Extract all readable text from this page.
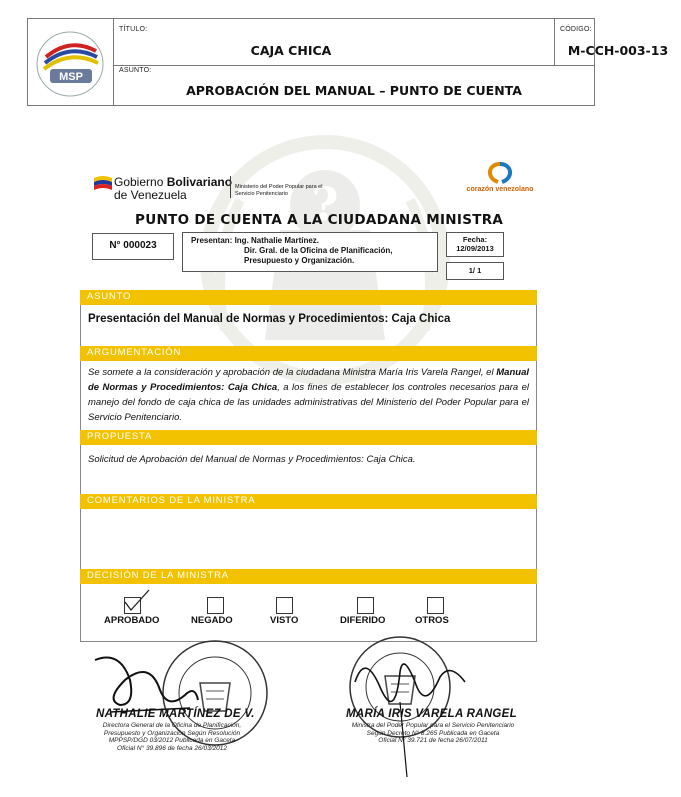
MSP
TÍTULO:
CAJA CHICA
CÓDIGO:
M-CCH-003-13
ASUNTO:
APROBACIÓN DEL MANUAL – PUNTO DE CUENTA
?
Gobierno Bolivariano
de Venezuela
Ministerio del Poder Popular para el Servicio Penitenciario
corazón venezolano
PUNTO DE CUENTA A LA CIUDADANA MINISTRA
N° 000023	Presentan: Ing. Nathalie Martínez.
Dir. Gral. de la Oficina de Planificación,
Presupuesto y Organización.
Fecha:
12/09/2013
1/ 1
ASUNTO
Presentación del Manual de Normas y Procedimientos: Caja Chica
ARGUMENTACIÓN
Se somete a la consideración y aprobación de la ciudadana Ministra María Iris Varela Rangel, el Manual de Normas y Procedimientos: Caja Chica, a los fines de establecer los controles necesarios para el manejo del fondo de caja chica de las unidades administrativas del Ministerio del Poder Popular para el Servicio Penitenciario.
PROPUESTA
Solicitud de Aprobación del Manual de Normas y Procedimientos: Caja Chica.
COMENTARIOS DE LA MINISTRA
DECISIÓN DE LA MINISTRA
APROBADO	NEGADO	VISTO	DIFERIDO	OTROS
NATHALIE MARTÍNEZ DE V.
Directora General de la Oficina de Planificación,
Presupuesto y Organización Según Resolución
MPPSP/DGD 03/2012 Publicada en Gaceta
Oficial N° 39.896 de fecha 26/03/2012
MARÍA IRIS VARELA RANGEL
Ministra del Poder Popular para el Servicio Penitenciario
Según Decreto N° 8.265 Publicada en Gaceta
Oficial N° 39.721 de fecha 26/07/2011
